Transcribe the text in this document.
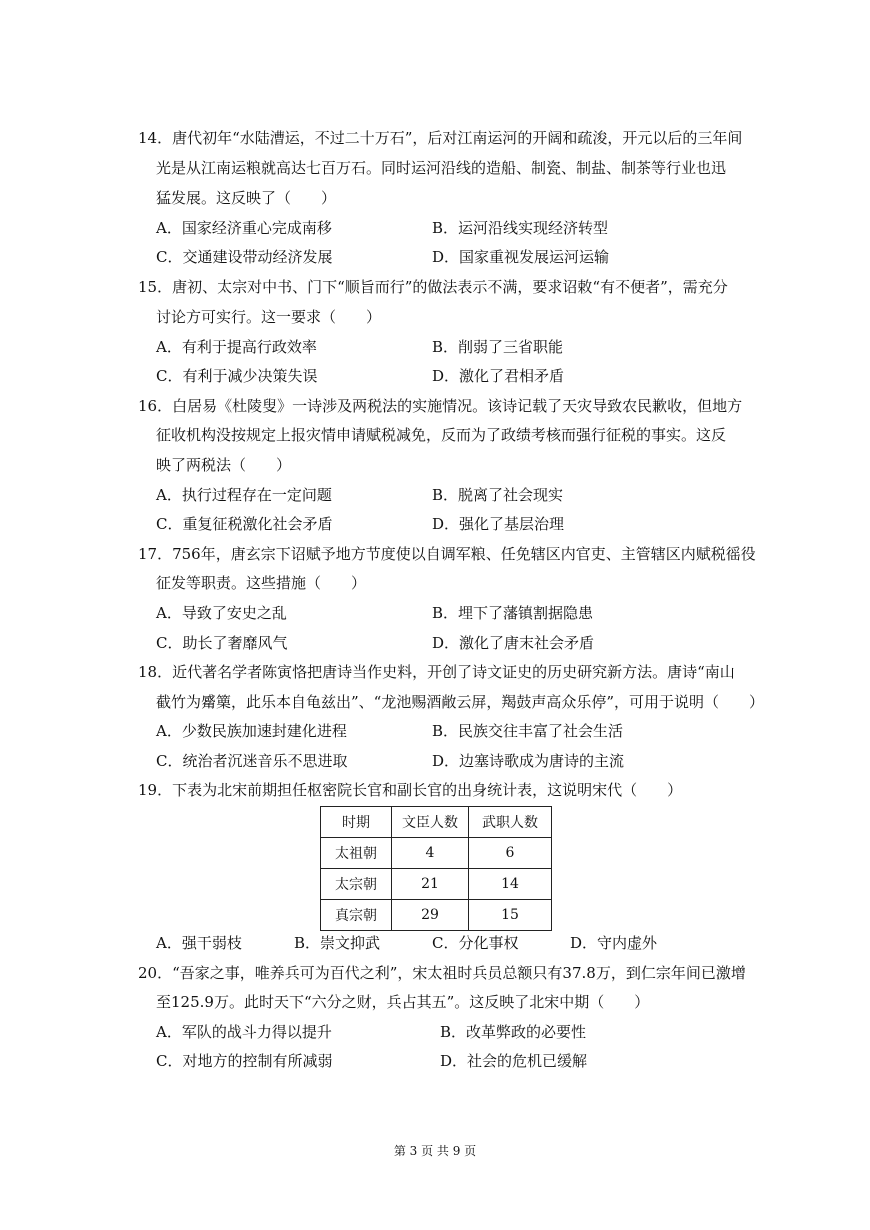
14．唐代初年“水陆漕运，不过二十万石”，后对江南运河的开阔和疏浚，开元以后的三年间
光是从江南运粮就高达七百万石。同时运河沿线的造船、制瓷、制盐、制茶等行业也迅
猛发展。这反映了（　　）
A．国家经济重心完成南移	B．运河沿线实现经济转型
C．交通建设带动经济发展	D．国家重视发展运河运输
15．唐初、太宗对中书、门下“顺旨而行”的做法表示不满，要求诏敕“有不便者”，需充分
讨论方可实行。这一要求（　　）
A．有利于提高行政效率	B．削弱了三省职能
C．有利于减少决策失误	D．激化了君相矛盾
16．白居易《杜陵叟》一诗涉及两税法的实施情况。该诗记载了天灾导致农民歉收，但地方
征收机构没按规定上报灾情申请赋税减免，反而为了政绩考核而强行征税的事实。这反
映了两税法（　　）
A．执行过程存在一定问题	B．脱离了社会现实
C．重复征税激化社会矛盾	D．强化了基层治理
17．756年，唐玄宗下诏赋予地方节度使以自调军粮、任免辖区内官吏、主管辖区内赋税徭役
征发等职责。这些措施（　　）
A．导致了安史之乱	B．埋下了藩镇割据隐患
C．助长了奢靡风气	D．激化了唐末社会矛盾
18．近代著名学者陈寅恪把唐诗当作史料，开创了诗文证史的历史研究新方法。唐诗“南山
截竹为觱篥，此乐本自龟兹出”、“龙池赐酒敞云屏，羯鼓声高众乐停”，可用于说明（　　）
A．少数民族加速封建化进程	B．民族交往丰富了社会生活
C．统治者沉迷音乐不思进取	D．边塞诗歌成为唐诗的主流
19．下表为北宋前期担任枢密院长官和副长官的出身统计表，这说明宋代（　　）
时期	文臣人数	武职人数
太祖朝	4	6
太宗朝	21	14
真宗朝	29	15
A．强干弱枝	B．崇文抑武	C．分化事权	D．守内虚外
20．“吾家之事，唯养兵可为百代之利”，宋太祖时兵员总额只有37.8万，到仁宗年间已激增
至125.9万。此时天下“六分之财，兵占其五”。这反映了北宋中期（　　）
A．军队的战斗力得以提升	B．改革弊政的必要性
C．对地方的控制有所减弱	D．社会的危机已缓解
第 3 页 共 9 页
